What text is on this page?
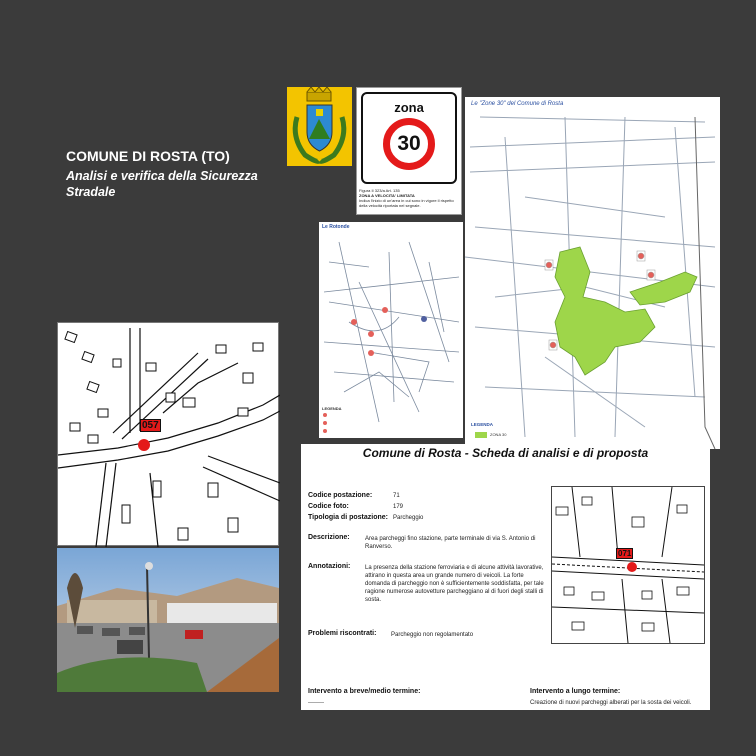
COMUNE DI ROSTA (TO)
Analisi e verifica della Sicurezza Stradale
zona
30
Figura II 323/a Art. 135
ZONA A VELOCITA' LIMITATA
Indica l'inizio di un'area in cui sono in vigore il rispetto della velocità riportata nel segnale.
Le Rotonde
LEGENDA
Le "Zone 30" del Comune di Rosta
LEGENDA
ZONA 30
057
Comune di Rosta - Scheda di analisi e di proposta
Codice postazione:	71
Codice foto:	179
Tipologia di postazione: Parcheggio
Descrizione:	Area parcheggi fino stazione, parte terminale di via S. Antonio di Ranverso.
Annotazioni: La presenza della stazione ferroviaria e di alcune attività lavorative, attirano in questa area un grande numero di veicoli. La forte domanda di parcheggio non è sufficientemente soddisfatta, per tale ragione numerose autovetture parcheggiano al di fuori degli stalli di sosta.
Problemi riscontrati: Parcheggio non regolamentato
Intervento a breve/medio termine:
--------
Intervento a lungo termine:
Creazione di nuovi parcheggi alberati per la sosta dei veicoli.
071
